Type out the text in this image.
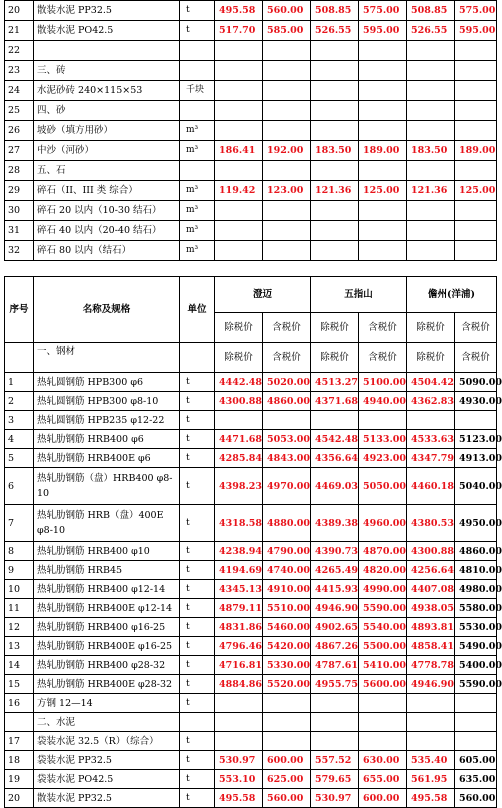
20	散装水泥 PP32.5	t	495.58	560.00	508.85	575.00	508.85	575.00
21	散装水泥 PO42.5	t	517.70	585.00	526.55	595.00	526.55	595.00
22								
23	三、砖							
24	水泥砂砖 240×115×53	千块						
25	四、砂							
26	坡砂（填方用砂）	m³						
27	中沙（河砂）	m³	186.41	192.00	183.50	189.00	183.50	189.00
28	五、石							
29	碎石（II、III 类 综合）	m³	119.42	123.00	121.36	125.00	121.36	125.00
30	碎石 20 以内（10-30 结石）	m³						
31	碎石 40 以内（20-40 结石）	m³						
32	碎石 80 以内（结石）	m³						
序号	名称及规格	单位	澄迈		五指山		儋州(洋浦)	
			除税价	含税价	除税价	含税价	除税价	含税价
	一、钢材		除税价	含税价	除税价	含税价	除税价	含税价
1	热轧圆钢筋 HPB300 φ6	t	4442.48	5020.00	4513.27	5100.00	4504.42	5090.00
2	热轧圆钢筋 HPB300 φ8-10	t	4300.88	4860.00	4371.68	4940.00	4362.83	4930.00
3	热轧圆钢筋 HPB235 φ12-22	t						
4	热轧肋钢筋 HRB400 φ6	t	4471.68	5053.00	4542.48	5133.00	4533.63	5123.00
5	热轧肋钢筋 HRB400E φ6	t	4285.84	4843.00	4356.64	4923.00	4347.79	4913.00
6	热轧肋钢筋（盘）HRB400 φ8-10	t	4398.23	4970.00	4469.03	5050.00	4460.18	5040.00
7	热轧肋钢筋 HRB（盘）400E φ8-10	t	4318.58	4880.00	4389.38	4960.00	4380.53	4950.00
8	热轧肋钢筋 HRB400 φ10	t	4238.94	4790.00	4390.73	4870.00	4300.88	4860.00
9	热轧肋钢筋 HRB45	t	4194.69	4740.00	4265.49	4820.00	4256.64	4810.00
10	热轧肋钢筋 HRB400 φ12-14	t	4345.13	4910.00	4415.93	4990.00	4407.08	4980.00
11	热轧肋钢筋 HRB400E φ12-14	t	4879.11	5510.00	4946.90	5590.00	4938.05	5580.00
12	热轧肋钢筋 HRB400 φ16-25	t	4831.86	5460.00	4902.65	5540.00	4893.81	5530.00
13	热轧肋钢筋 HRB400E φ16-25	t	4796.46	5420.00	4867.26	5500.00	4858.41	5490.00
14	热轧肋钢筋 HRB400 φ28-32	t	4716.81	5330.00	4787.61	5410.00	4778.78	5400.00
15	热轧肋钢筋 HRB400E φ28-32	t	4884.86	5520.00	4955.75	5600.00	4946.90	5590.00
16	方钢 12—14	t						
	二、水泥							
17	袋装水泥 32.5（R）（综合）	t						
18	袋装水泥 PP32.5	t	530.97	600.00	557.52	630.00	535.40	605.00
19	袋装水泥 PO42.5	t	553.10	625.00	579.65	655.00	561.95	635.00
20	散装水泥 PP32.5	t	495.58	560.00	530.97	600.00	495.58	560.00
